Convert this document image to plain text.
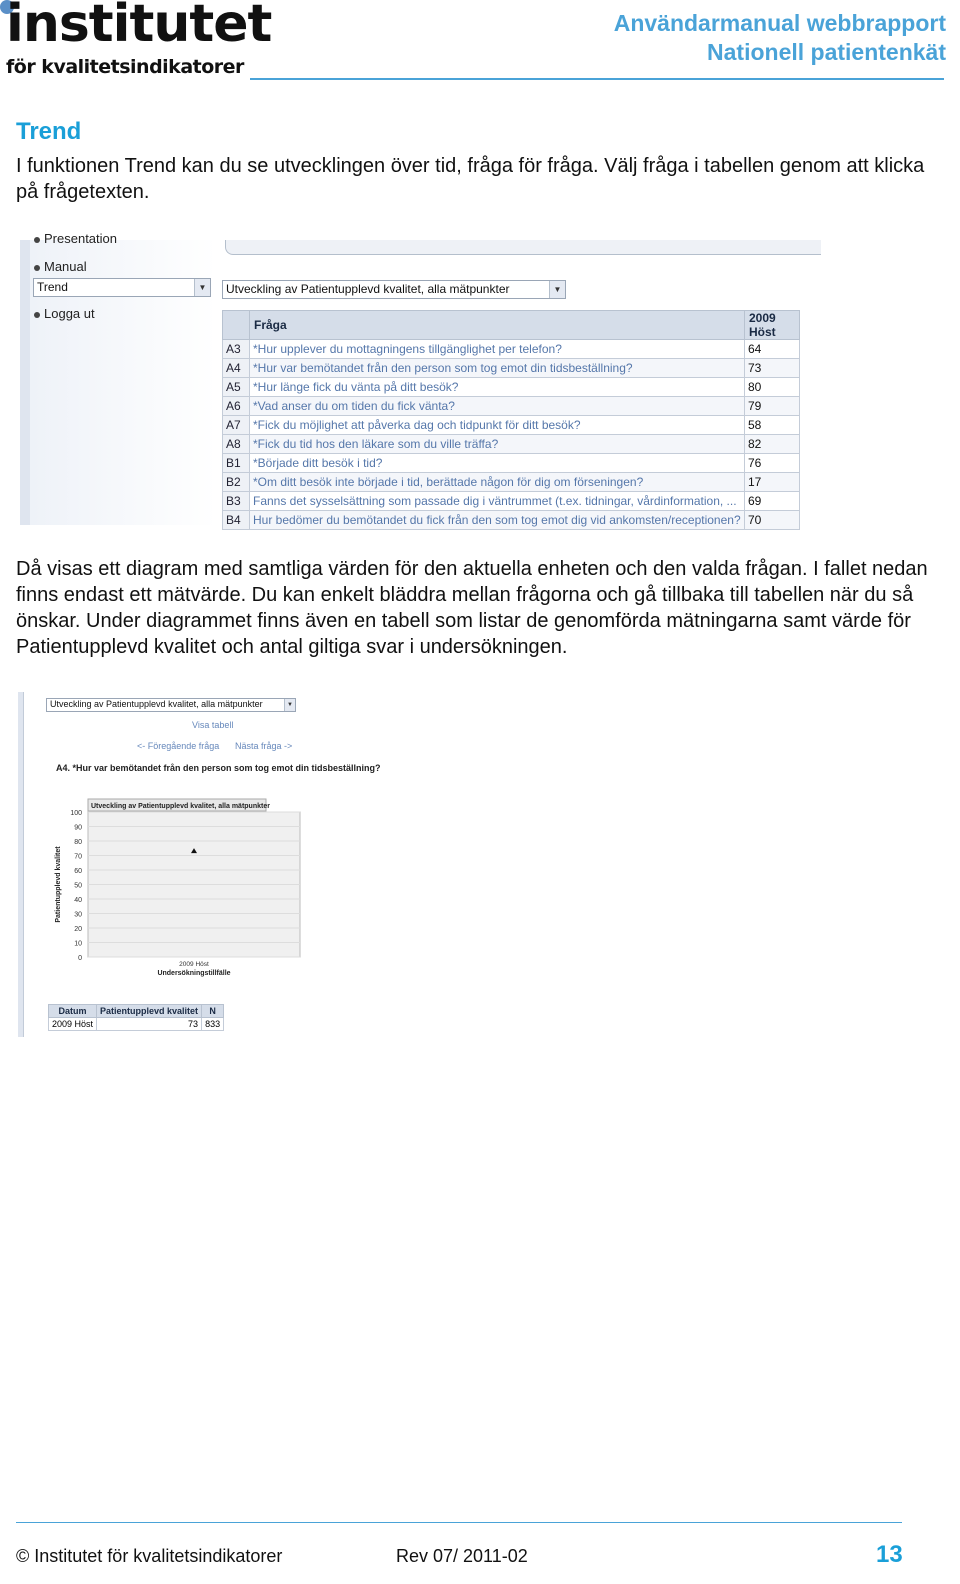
institutet
för kvalitetsindikatorer
Användarmanual webbrapport
Nationell patientenkät
Trend
I funktionen Trend kan du se utvecklingen över tid, fråga för fråga. Välj fråga i tabellen genom att klicka på frågetexten.
Presentation
Manual
Trend	▼
Logga ut
Utveckling av Patientupplevd kvalitet, alla mätpunkter	▼
	Fråga	2009 Höst
A3	*Hur upplever du mottagningens tillgänglighet per telefon?	64
A4	*Hur var bemötandet från den person som tog emot din tidsbeställning?	73
A5	*Hur länge fick du vänta på ditt besök?	80
A6	*Vad anser du om tiden du fick vänta?	79
A7	*Fick du möjlighet att påverka dag och tidpunkt för ditt besök?	58
A8	*Fick du tid hos den läkare som du ville träffa?	82
B1	*Började ditt besök i tid?	76
B2	*Om ditt besök inte började i tid, berättade någon för dig om förseningen?	17
B3	Fanns det sysselsättning som passade dig i väntrummet (t.ex. tidningar, vårdinformation, ...	69
B4	Hur bedömer du bemötandet du fick från den som tog emot dig vid ankomsten/receptionen?	70
Då visas ett diagram med samtliga värden för den aktuella enheten och den valda frågan. I fallet nedan finns endast ett mätvärde. Du kan enkelt bläddra mellan frågorna och gå tillbaka till tabellen när du så önskar. Under diagrammet finns även en tabell som listar de genomförda mätningarna samt värde för Patientupplevd kvalitet och antal giltiga svar i undersökningen.
Utveckling av Patientupplevd kvalitet, alla mätpunkter	▼
Visa tabell
<- Föregående fråga Nästa fråga ->
A4. *Hur var bemötandet från den person som tog emot din tidsbeställning?
0
10
20
30
40
50
60
70
80
90
100
Utveckling av Patientupplevd kvalitet, alla mätpunkter
Patientupplevd kvalitet
2009 Höst
Undersökningstillfälle
Datum	Patientupplevd kvalitet	N
2009 Höst	73	833
© Institutet för kvalitetsindikatorer	Rev 07/ 2011-02	13
